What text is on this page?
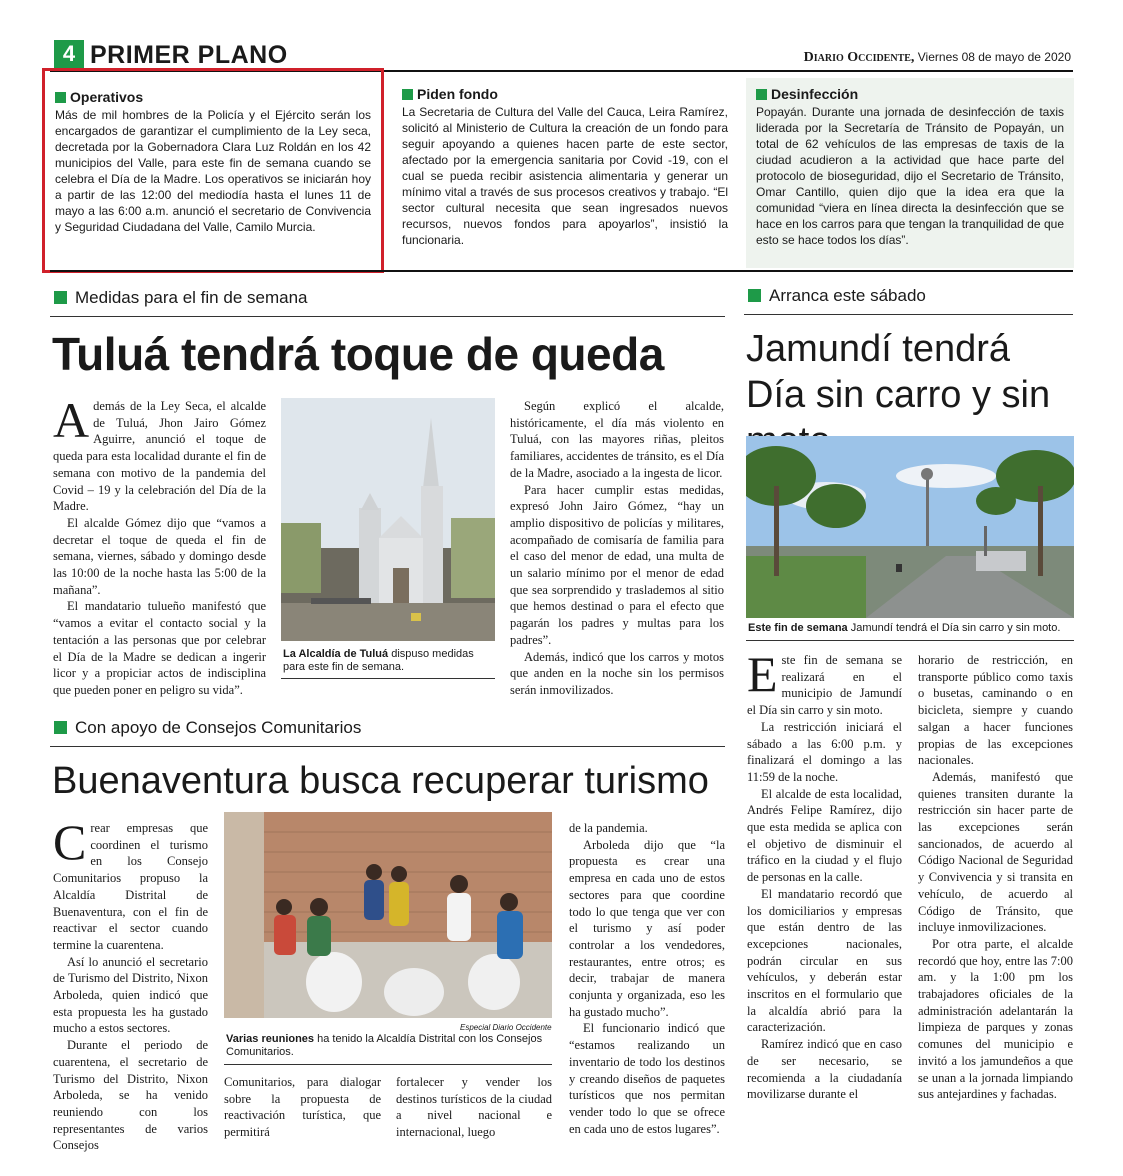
4 PRIMER PLANO	Diario Occidente, Viernes 08 de mayo de 2020
Operativos
Más de mil hombres de la Policía y el Ejército serán los encargados de garantizar el cumplimiento de la Ley seca, decretada por la Gobernadora Clara Luz Roldán en los 42 municipios del Valle, para este fin de semana cuando se celebra el Día de la Madre. Los operativos se iniciarán hoy a partir de las 12:00 del mediodía hasta el lunes 11 de mayo a las 6:00 a.m. anunció el secretario de Convivencia y Seguridad Ciudadana del Valle, Camilo Murcia.
Piden fondo
La Secretaria de Cultura del Valle del Cauca, Leira Ramírez, solicitó al Ministerio de Cultura la creación de un fondo para seguir apoyando a quienes hacen parte de este sector, afectado por la emergencia sanitaria por Covid -19, con el cual se pueda recibir asistencia alimentaria y generar un mínimo vital a través de sus procesos creativos y trabajo. “El sector cultural necesita que sean ingresados nuevos recursos, nuevos fondos para apoyarlos”, insistió la funcionaria.
Desinfección
Popayán. Durante una jornada de desinfección de taxis liderada por la Secretaría de Tránsito de Popayán, un total de 62 vehículos de las empresas de taxis de la ciudad acudieron a la actividad que hace parte del protocolo de bioseguridad, dijo el Secretario de Tránsito, Omar Cantillo, quien dijo que la idea era que la comunidad “viera en línea directa la desinfección que se hace en los carros para que tengan la tranquilidad de que esto se hace todos los días”.
Medidas para el fin de semana
Tuluá tendrá toque de queda

Además de la Ley Seca, el alcalde de Tuluá, Jhon Jairo Gómez Aguirre, anunció el toque de queda para esta localidad durante el fin de semana con motivo de la pandemia del Covid – 19 y la celebración del Día de la Madre.

El alcalde Gómez dijo que “vamos a decretar el toque de queda el fin de semana, viernes, sábado y domingo desde las 10:00 de la noche hasta las 5:00 de la mañana”.

El mandatario tulueño manifestó que “vamos a evitar el contacto social y la tentación a las personas que por celebrar el Día de la Madre se dedican a ingerir licor y a propiciar actos de indisciplina que pueden poner en peligro su vida”.

La Alcaldía de Tuluá dispuso medidas para este fin de semana.

Según explicó el alcalde, históricamente, el día más violento en Tuluá, con las mayores riñas, pleitos familiares, accidentes de tránsito, es el Día de la Madre, asociado a la ingesta de licor.

Para hacer cumplir estas medidas, expresó John Jairo Gómez, “hay un amplio dispositivo de policías y militares, acompañado de comisaría de familia para el caso del menor de edad, una multa de un salario mínimo por el menor de edad que sea sorprendido y traslademos al sitio que hemos destinad o para el efecto que pagarán los padres y multas para los padres”.

Además, indicó que los carros y motos que anden en la noche sin los permisos serán inmovilizados.

Con apoyo de Consejos Comunitarios
Buenaventura busca recuperar turismo

Crear empresas que coordinen el turismo en los Consejo Comunitarios propuso la Alcaldía Distrital de Buenaventura, con el fin de reactivar el sector cuando termine la cuarentena.

Así lo anunció el secretario de Turismo del Distrito, Nixon Arboleda, quien indicó que esta propuesta les ha gustado mucho a estos sectores.

Durante el periodo de cuarentena, el secretario de Turismo del Distrito, Nixon Arboleda, se ha venido reuniendo con los representantes de varios Consejos

Especial Diario Occidente
Varias reuniones ha tenido la Alcaldía Distrital con los Consejos Comunitarios.

Comunitarios, para dialogar sobre la propuesta de reactivación turística, que permitirá

fortalecer y vender los destinos turísticos de la ciudad a nivel nacional e internacional, luego

de la pandemia.

Arboleda dijo que “la propuesta es crear una empresa en cada uno de estos sectores para que coordine todo lo que tenga que ver con el turismo y así poder controlar a los vendedores, restaurantes, entre otros; es decir, trabajar de manera conjunta y organizada, eso les ha gustado mucho”.

El funcionario indicó que “estamos realizando un inventario de todo los destinos y creando diseños de paquetes turísticos que nos permitan vender todo lo que se ofrece en cada uno de estos lugares”.

Arranca este sábado
Jamundí tendrá Día sin carro y sin
Este fin de semana Jamundí tendrá el Día sin carro y sin moto.

Este fin de semana se realizará en el municipio de Jamundí el Día sin carro y sin moto.

La restricción iniciará el sábado a las 6:00 p.m. y finalizará el domingo a las 11:59 de la noche.

El alcalde de esta localidad, Andrés Felipe Ramírez, dijo que esta medida se aplica con el objetivo de disminuir el tráfico en la ciudad y el flujo de personas en la calle.

El mandatario recordó que los domiciliarios y empresas que están dentro de las excepciones nacionales, podrán circular en sus vehículos, y deberán estar inscritos en el formulario que la alcaldía abrió para la caracterización.

Ramírez indicó que en caso de ser necesario, se recomienda a la ciudadanía movilizarse durante el

horario de restricción, en transporte público como taxis o busetas, caminando o en bicicleta, siempre y cuando salgan a hacer funciones propias de las excepciones nacionales.

Además, manifestó que quienes transiten durante la restricción sin hacer parte de las excepciones serán sancionados, de acuerdo al Código Nacional de Seguridad y Convivencia y si transita en vehículo, de acuerdo al Código de Tránsito, que incluye inmovilizaciones.

Por otra parte, el alcalde recordó que hoy, entre las 7:00 am. y la 1:00 pm los trabajadores oficiales de la administración adelantarán la limpieza de parques y zonas comunes del municipio e invitó a los jamundeños a que se unan a la jornada limpiando sus antejardines y fachadas.
